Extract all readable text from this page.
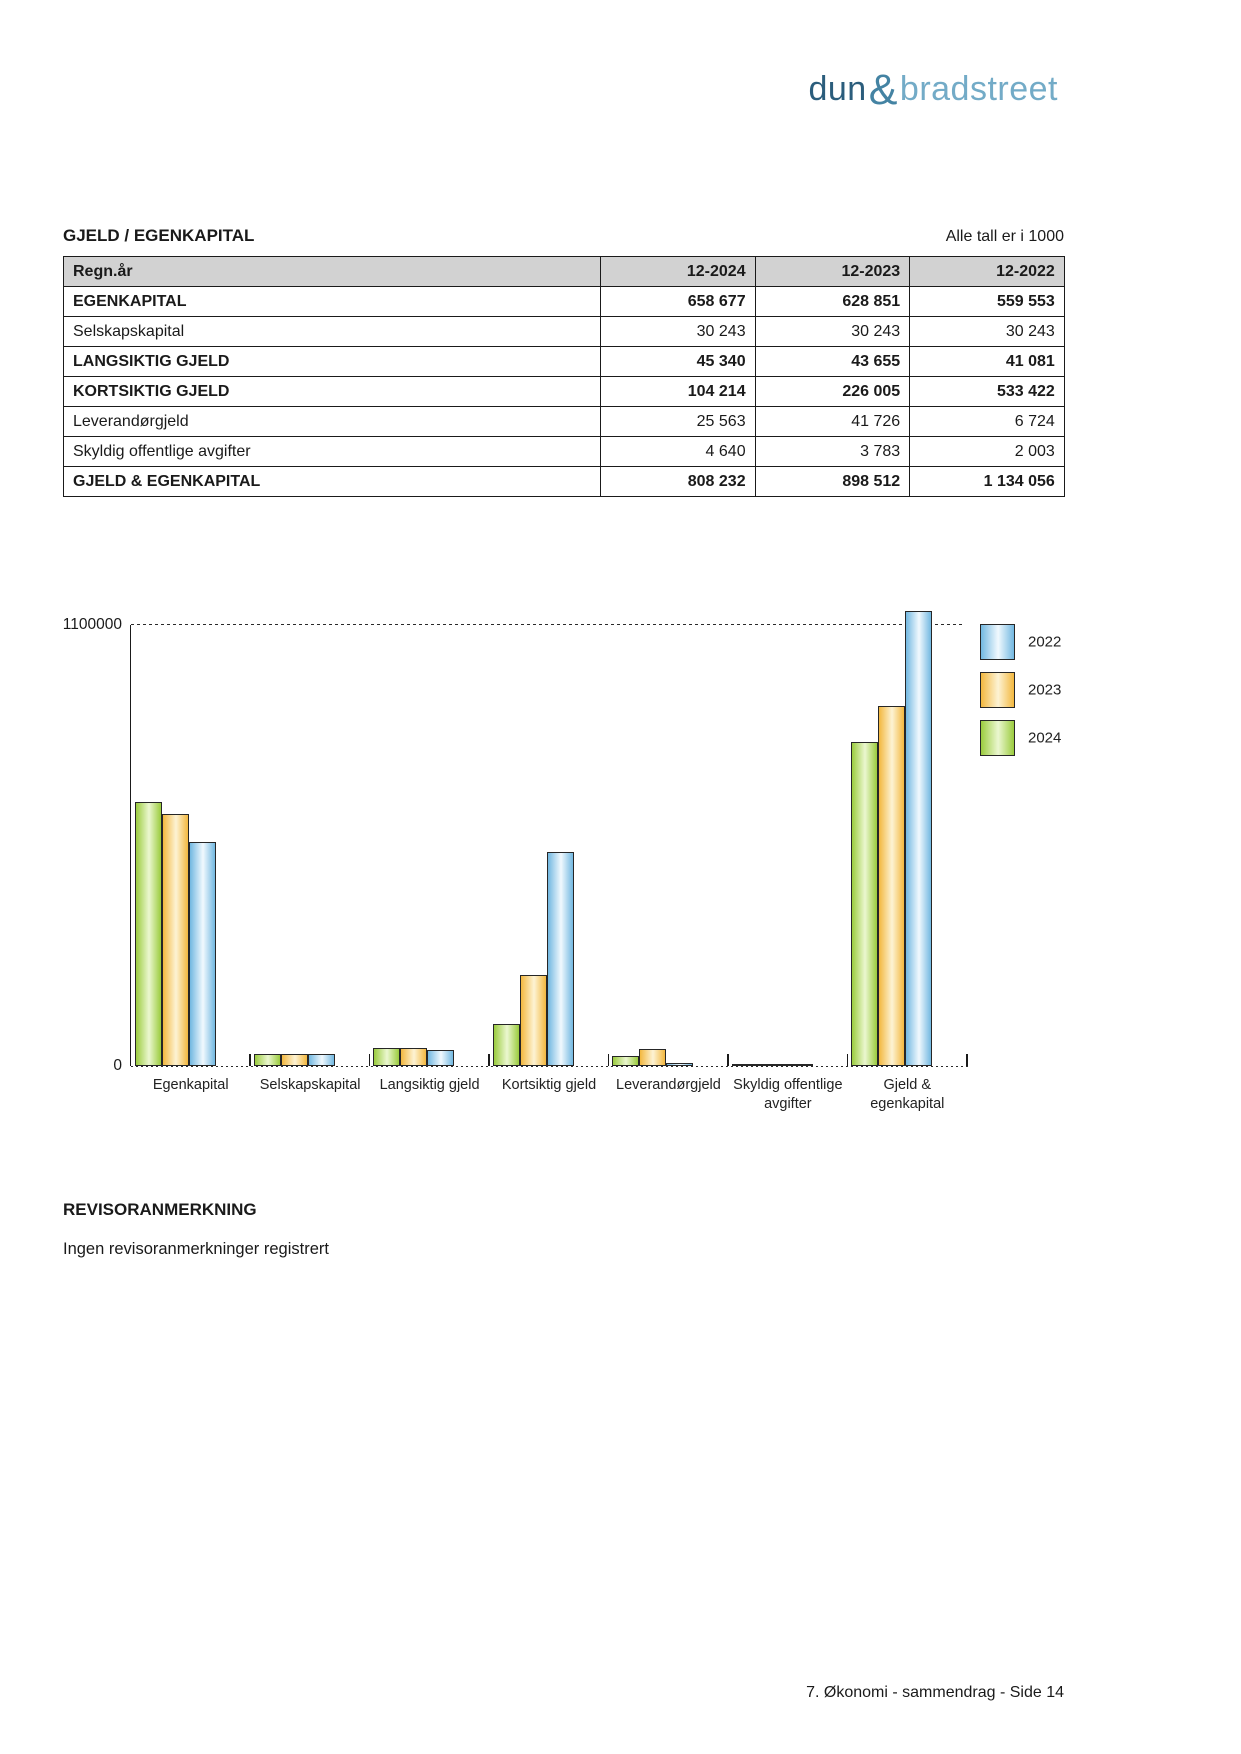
dun&bradstreet
GJELD / EGENKAPITAL	Alle tall er i 1000
Regn.år	12-2024	12-2023	12-2022
EGENKAPITAL	658 677	628 851	559 553
Selskapskapital	30 243	30 243	30 243
LANGSIKTIG GJELD	45 340	43 655	41 081
KORTSIKTIG GJELD	104 214	226 005	533 422
Leverandørgjeld	25 563	41 726	6 724
Skyldig offentlige avgifter	4 640	3 783	2 003
GJELD & EGENKAPITAL	808 232	898 512	1 134 056
1100000
0
Egenkapital	Selskapskapital	Langsiktig gjeld	Kortsiktig gjeld	Leverandørgjeld Skyldig offentlige
avgifter
Gjeld &
egenkapital
2022
2023
2024
REVISORANMERKNING
Ingen revisoranmerkninger registrert
7. Økonomi - sammendrag - Side 14
